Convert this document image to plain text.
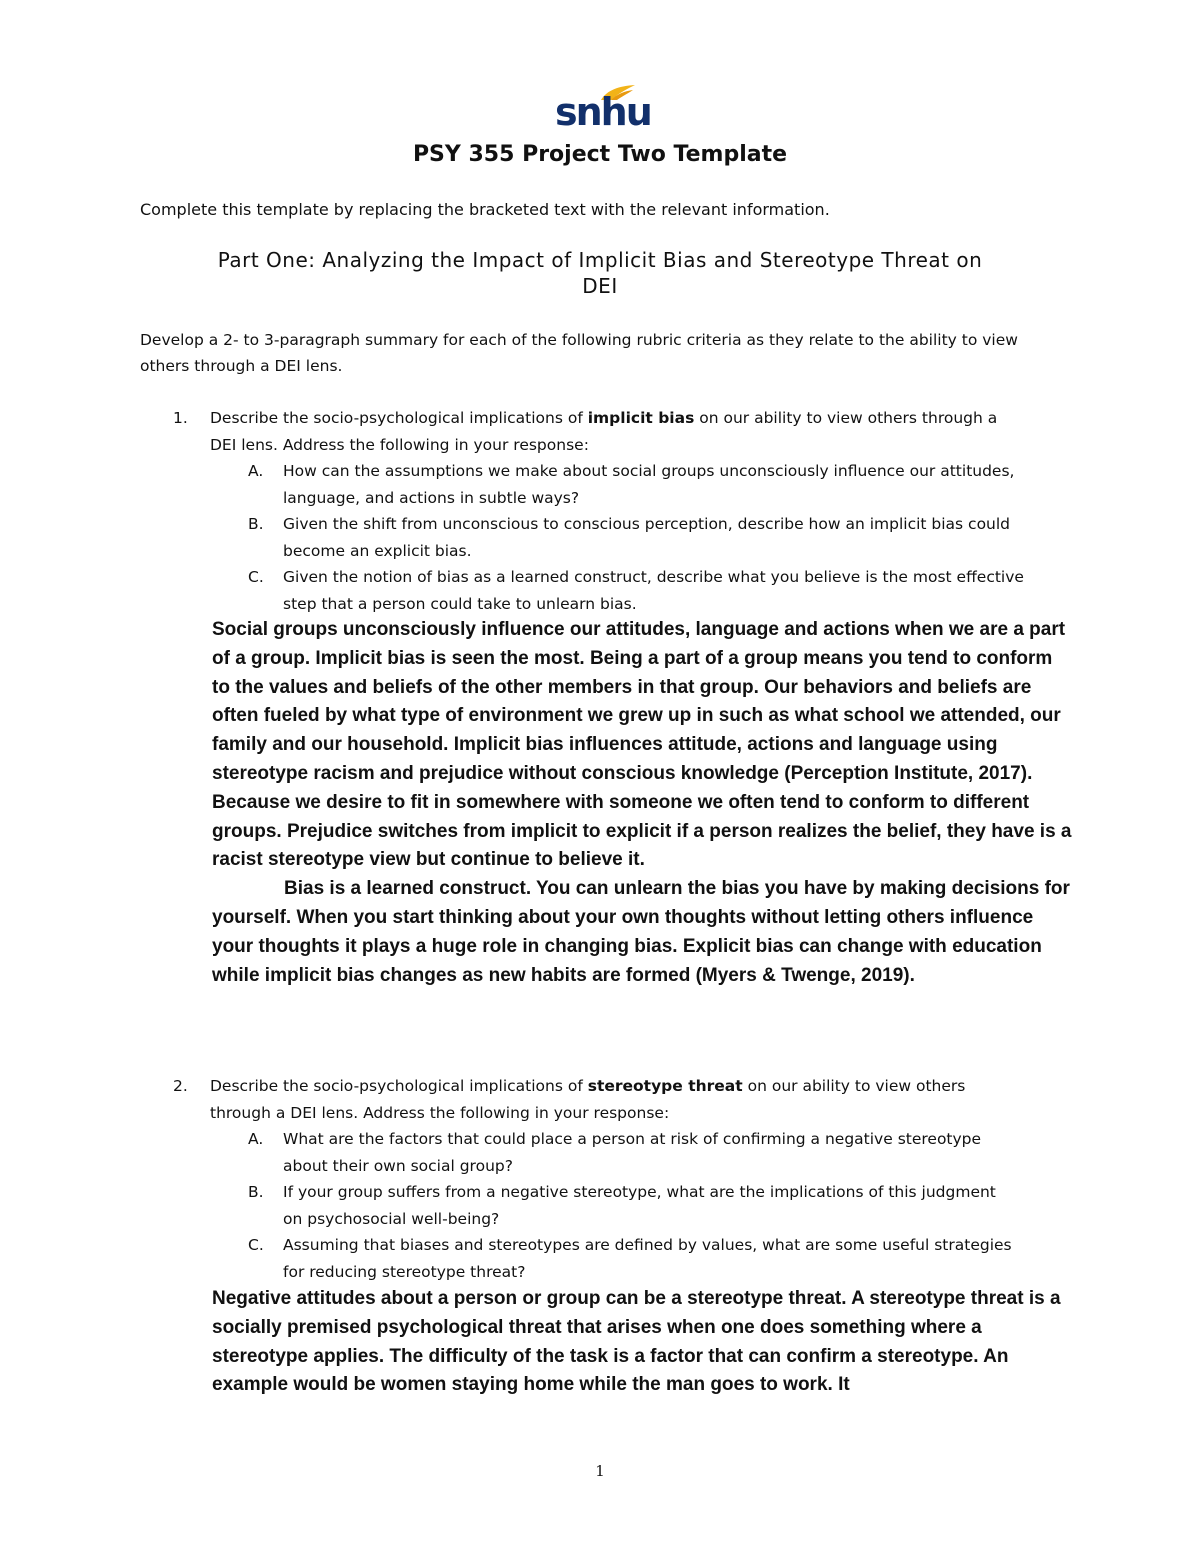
snhu
PSY 355 Project Two Template
Complete this template by replacing the bracketed text with the relevant information.
Part One: Analyzing the Impact of Implicit Bias and Stereotype Threat on
DEI
Develop a 2- to 3-paragraph summary for each of the following rubric criteria as they relate to the ability to view others through a DEI lens.
1. Describe the socio-psychological implications of implicit bias on our ability to view others through a DEI lens. Address the following in your response:
A. How can the assumptions we make about social groups unconsciously influence our attitudes, language, and actions in subtle ways?
B. Given the shift from unconscious to conscious perception, describe how an implicit bias could become an explicit bias.
C. Given the notion of bias as a learned construct, describe what you believe is the most effective step that a person could take to unlearn bias.
Social groups unconsciously influence our attitudes, language and actions when we are a part of a group. Implicit bias is seen the most. Being a part of a group means you tend to conform to the values and beliefs of the other members in that group. Our behaviors and beliefs are often fueled by what type of environment we grew up in such as what school we attended, our family and our household. Implicit bias influences attitude, actions and language using stereotype racism and prejudice without conscious knowledge (Perception Institute, 2017). Because we desire to fit in somewhere with someone we often tend to conform to different groups. Prejudice switches from implicit to explicit if a person realizes the belief, they have is a racist stereotype view but continue to believe it.
Bias is a learned construct. You can unlearn the bias you have by making decisions for yourself. When you start thinking about your own thoughts without letting others influence your thoughts it plays a huge role in changing bias. Explicit bias can change with education while implicit bias changes as new habits are formed (Myers & Twenge, 2019).
2. Describe the socio-psychological implications of stereotype threat on our ability to view others through a DEI lens. Address the following in your response:
A. What are the factors that could place a person at risk of confirming a negative stereotype about their own social group?
B. If your group suffers from a negative stereotype, what are the implications of this judgment on psychosocial well-being?
C. Assuming that biases and stereotypes are defined by values, what are some useful strategies for reducing stereotype threat?
Negative attitudes about a person or group can be a stereotype threat. A stereotype threat is a socially premised psychological threat that arises when one does something where a stereotype applies. The difficulty of the task is a factor that can confirm a stereotype. An example would be women staying home while the man goes to work. It
1
